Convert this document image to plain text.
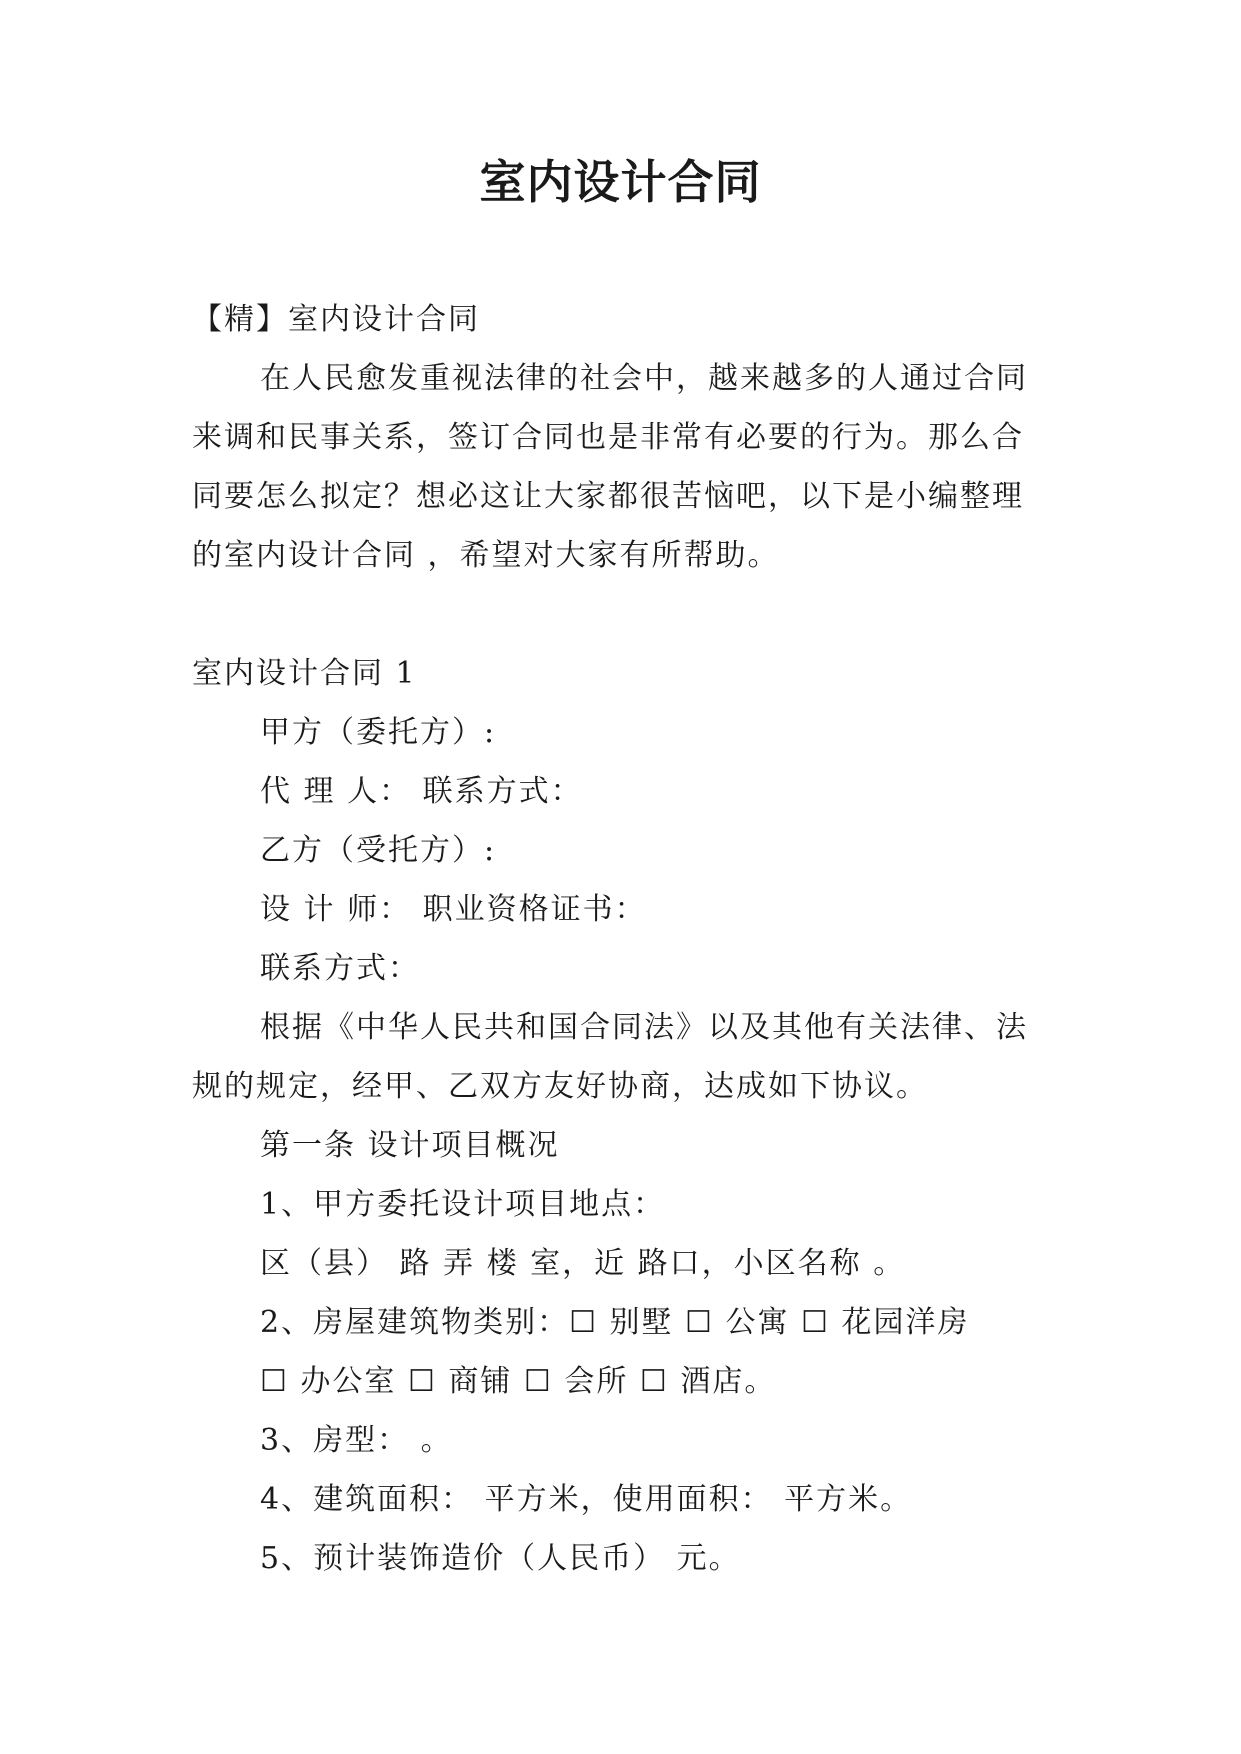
室内设计合同

【精】室内设计合同

在人民愈发重视法律的社会中，越来越多的人通过合同来调和民事关系，签订合同也是非常有必要的行为。那么合同要怎么拟定？想必这让大家都很苦恼吧，以下是小编整理的室内设计合同 ，希望对大家有所帮助。

室内设计合同 1

甲方（委托方）:

代 理 人： 联系方式：

乙方（受托方）:

设 计 师： 职业资格证书：

联系方式：

根据《中华人民共和国合同法》以及其他有关法律、法规的规定，经甲、乙双方友好协商，达成如下协议。

第一条 设计项目概况

1、甲方委托设计项目地点：

区（县） 路 弄 楼 室，近 路口，小区名称 。

2、房屋建筑物类别：☐ 别墅 ☐ 公寓 ☐ 花园洋房

☐ 办公室 ☐ 商铺 ☐ 会所 ☐ 酒店。

3、房型： 。

4、建筑面积： 平方米，使用面积： 平方米。

5、预计装饰造价（人民币） 元。
